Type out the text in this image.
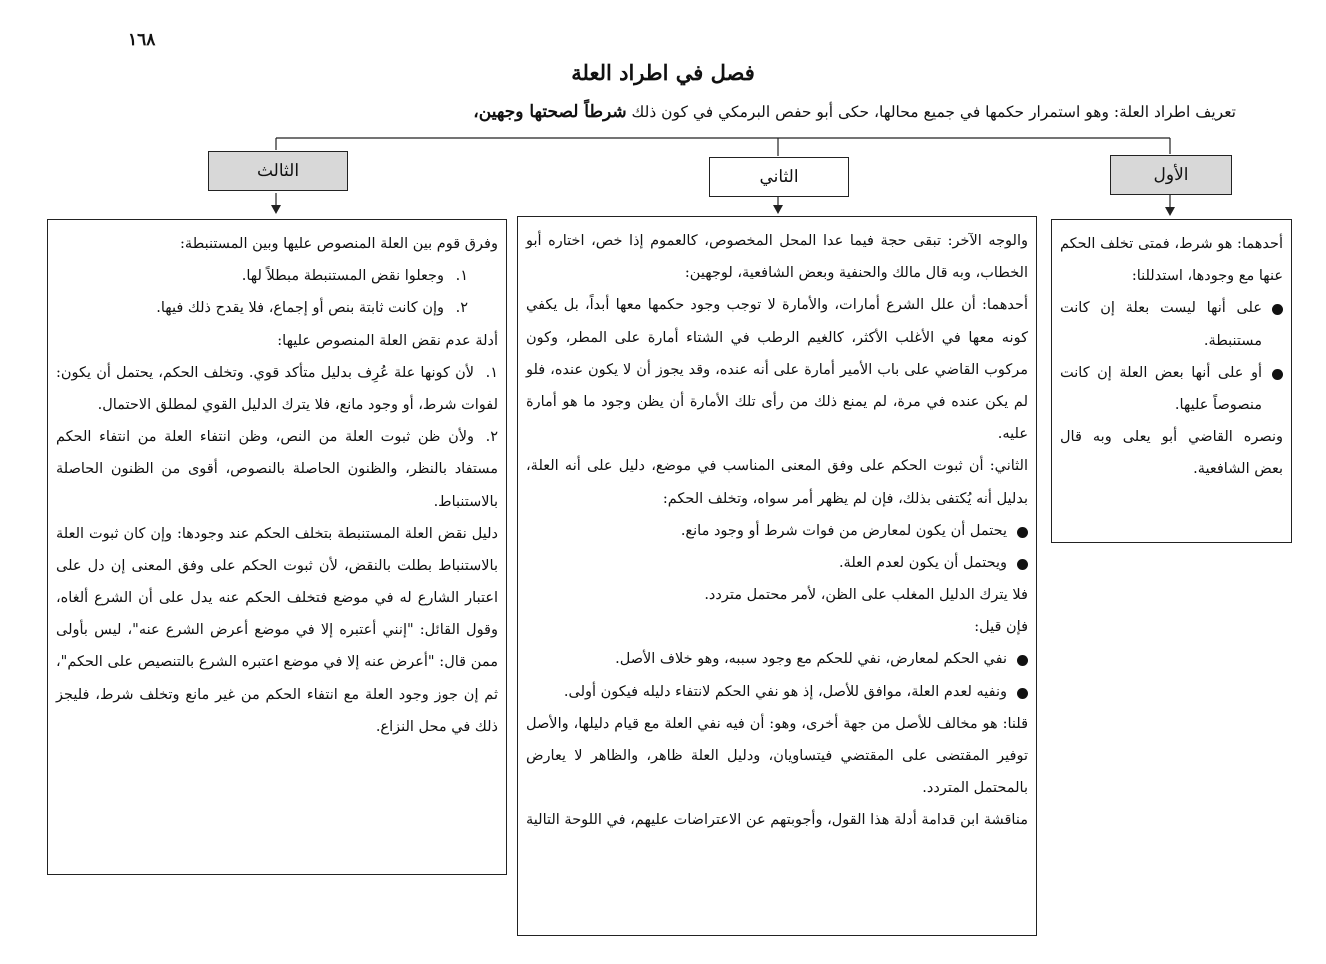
١٦٨
فصل في اطراد العلة
تعريف اطراد العلة: وهو استمرار حكمها في جميع محالها، حكى أبو حفص البرمكي في كون ذلك شرطاً لصحتها وجهين،
الأول
الثاني
الثالث

أحدهما: هو شرط، فمتى تخلف الحكم عنها مع وجودها، استدللنا:

على أنها ليست بعلة إن كانت مستنبطة.
أو على أنها بعض العلة إن كانت منصوصاً عليها.

ونصره القاضي أبو يعلى وبه قال بعض الشافعية.

والوجه الآخر: تبقى حجة فيما عدا المحل المخصوص، كالعموم إذا خص، اختاره أبو الخطاب، وبه قال مالك والحنفية وبعض الشافعية، لوجهين:

أحدهما: أن علل الشرع أمارات، والأمارة لا توجب وجود حكمها معها أبداً، بل يكفي كونه معها في الأغلب الأكثر، كالغيم الرطب في الشتاء أمارة على المطر، وكون مركوب القاضي على باب الأمير أمارة على أنه عنده، وقد يجوز أن لا يكون عنده، فلو لم يكن عنده في مرة، لم يمنع ذلك من رأى تلك الأمارة أن يظن وجود ما هو أمارة عليه.

الثاني: أن ثبوت الحكم على وفق المعنى المناسب في موضع، دليل على أنه العلة، بدليل أنه يُكتفى بذلك، فإن لم يظهر أمر سواه، وتخلف الحكم:

يحتمل أن يكون لمعارض من فوات شرط أو وجود مانع.
ويحتمل أن يكون لعدم العلة.

فلا يترك الدليل المغلب على الظن، لأمر محتمل متردد.

فإن قيل:

نفي الحكم لمعارض، نفي للحكم مع وجود سببه، وهو خلاف الأصل.
ونفيه لعدم العلة، موافق للأصل، إذ هو نفي الحكم لانتفاء دليله فيكون أولى.

قلنا: هو مخالف للأصل من جهة أخرى، وهو: أن فيه نفي العلة مع قيام دليلها، والأصل توفير المقتضى على المقتضي فيتساويان، ودليل العلة ظاهر، والظاهر لا يعارض بالمحتمل المتردد.

مناقشة ابن قدامة أدلة هذا القول، وأجوبتهم عن الاعتراضات عليهم، في اللوحة التالية

وفرق قوم بين العلة المنصوص عليها وبين المستنبطة:

١.وجعلوا نقض المستنبطة مبطلاً لها.

٢.وإن كانت ثابتة بنص أو إجماع، فلا يقدح ذلك فيها.

أدلة عدم نقض العلة المنصوص عليها:

١.لأن كونها علة عُرِف بدليل متأكد قوي. وتخلف الحكم، يحتمل أن يكون: لفوات شرط، أو وجود مانع، فلا يترك الدليل القوي لمطلق الاحتمال.

٢.ولأن ظن ثبوت العلة من النص، وظن انتفاء العلة من انتفاء الحكم مستفاد بالنظر، والظنون الحاصلة بالنصوص، أقوى من الظنون الحاصلة بالاستنباط.

دليل نقض العلة المستنبطة بتخلف الحكم عند وجودها: وإن كان ثبوت العلة بالاستنباط بطلت بالنقض، لأن ثبوت الحكم على وفق المعنى إن دل على اعتبار الشارع له في موضع فتخلف الحكم عنه يدل على أن الشرع ألغاه، وقول القائل: "إنني أعتبره إلا في موضع أعرض الشرع عنه"، ليس بأولى ممن قال: "أعرض عنه إلا في موضع اعتبره الشرع بالتنصيص على الحكم"، ثم إن جوز وجود العلة مع انتفاء الحكم من غير مانع وتخلف شرط، فليجز ذلك في محل النزاع.
